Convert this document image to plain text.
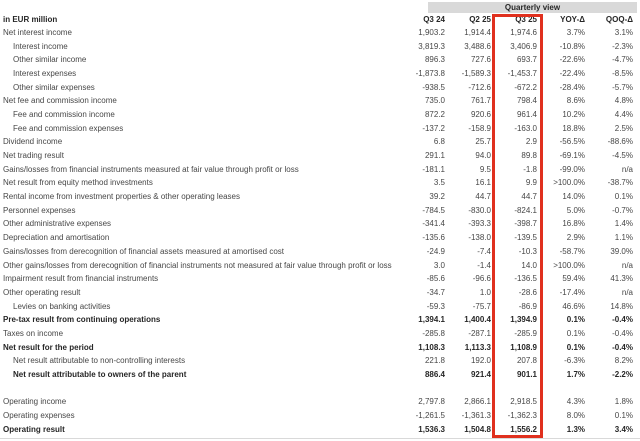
Quarterly view
in EUR million	Q3 24	Q2 25	Q3 25	YOY-Δ	QOQ-Δ
Net interest income	1,903.2	1,914.4	1,974.6	3.7%	3.1%
Interest income	3,819.3	3,488.6	3,406.9	-10.8%	-2.3%
Other similar income	896.3	727.6	693.7	-22.6%	-4.7%
Interest expenses	-1,873.8	-1,589.3	-1,453.7	-22.4%	-8.5%
Other similar expenses	-938.5	-712.6	-672.2	-28.4%	-5.7%
Net fee and commission income	735.0	761.7	798.4	8.6%	4.8%
Fee and commission income	872.2	920.6	961.4	10.2%	4.4%
Fee and commission expenses	-137.2	-158.9	-163.0	18.8%	2.5%
Dividend income	6.8	25.7	2.9	-56.5%	-88.6%
Net trading result	291.1	94.0	89.8	-69.1%	-4.5%
Gains/losses from financial instruments measured at fair value through profit or loss	-181.1	9.5	-1.8	-99.0%	n/a
Net result from equity method investments	3.5	16.1	9.9	>100.0%	-38.7%
Rental income from investment properties & other operating leases	39.2	44.7	44.7	14.0%	0.1%
Personnel expenses	-784.5	-830.0	-824.1	5.0%	-0.7%
Other administrative expenses	-341.4	-393.3	-398.7	16.8%	1.4%
Depreciation and amortisation	-135.6	-138.0	-139.5	2.9%	1.1%
Gains/losses from derecognition of financial assets measured at amortised cost	-24.9	-7.4	-10.3	-58.7%	39.0%
Other gains/losses from derecognition of financial instruments not measured at fair value through profit or loss	3.0	-1.4	14.0	>100.0%	n/a
Impairment result from financial instruments	-85.6	-96.6	-136.5	59.4%	41.3%
Other operating result	-34.7	1.0	-28.6	-17.4%	n/a
Levies on banking activities	-59.3	-75.7	-86.9	46.6%	14.8%
Pre-tax result from continuing operations	1,394.1	1,400.4	1,394.9	0.1%	-0.4%
Taxes on income	-285.8	-287.1	-285.9	0.1%	-0.4%
Net result for the period	1,108.3	1,113.3	1,108.9	0.1%	-0.4%
Net result attributable to non-controlling interests	221.8	192.0	207.8	-6.3%	8.2%
Net result attributable to owners of the parent	886.4	921.4	901.1	1.7%	-2.2%
Operating income	2,797.8	2,866.1	2,918.5	4.3%	1.8%
Operating expenses	-1,261.5	-1,361.3	-1,362.3	8.0%	0.1%
Operating result	1,536.3	1,504.8	1,556.2	1.3%	3.4%
